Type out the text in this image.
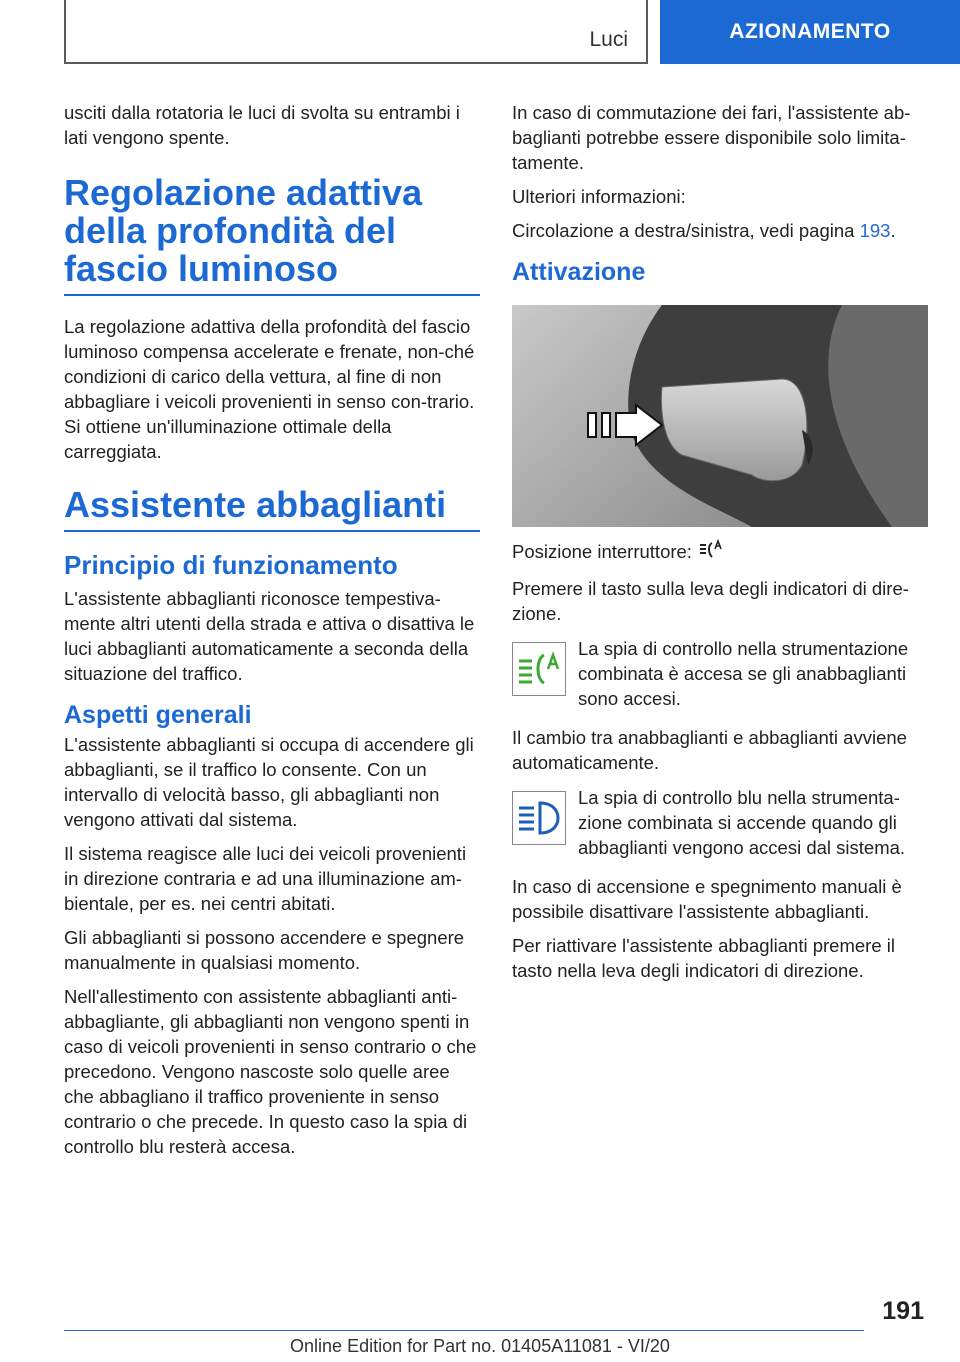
Luci	AZIONAMENTO

usciti dalla rotatoria le luci di svolta su entrambi i lati vengono spente.

Regolazione adattiva della profondità del fascio luminoso

La regolazione adattiva della profondità del fascio luminoso compensa accelerate e frenate, non-ché condizioni di carico della vettura, al fine di non abbagliare i veicoli provenienti in senso con-trario. Si ottiene un'illuminazione ottimale della carreggiata.

Assistente abbaglianti
Principio di funzionamento

L'assistente abbaglianti riconosce tempestiva-mente altri utenti della strada e attiva o disattiva le luci abbaglianti automaticamente a seconda della situazione del traffico.

Aspetti generali

L'assistente abbaglianti si occupa di accendere gli abbaglianti, se il traffico lo consente. Con un intervallo di velocità basso, gli abbaglianti non vengono attivati dal sistema.

Il sistema reagisce alle luci dei veicoli provenienti in direzione contraria e ad una illuminazione am-bientale, per es. nei centri abitati.

Gli abbaglianti si possono accendere e spegnere manualmente in qualsiasi momento.

Nell'allestimento con assistente abbaglianti anti-abbagliante, gli abbaglianti non vengono spenti in caso di veicoli provenienti in senso contrario o che precedono. Vengono nascoste solo quelle aree che abbagliano il traffico proveniente in senso contrario o che precede. In questo caso la spia di controllo blu resterà accesa.

In caso di commutazione dei fari, l'assistente ab-baglianti potrebbe essere disponibile solo limita-tamente.

Ulteriori informazioni:

Circolazione a destra/sinistra, vedi pagina 193.

Attivazione

Posizione interruttore:

Premere il tasto sulla leva degli indicatori di dire-zione.

La spia di controllo nella strumentazione combinata è accesa se gli anabbaglianti sono accesi.

Il cambio tra anabbaglianti e abbaglianti avviene automaticamente.

La spia di controllo blu nella strumenta-zione combinata si accende quando gli abbaglianti vengono accesi dal sistema.

In caso di accensione e spegnimento manuali è possibile disattivare l'assistente abbaglianti.

Per riattivare l'assistente abbaglianti premere il tasto nella leva degli indicatori di direzione.

191
Online Edition for Part no. 01405A11081 - VI/20
